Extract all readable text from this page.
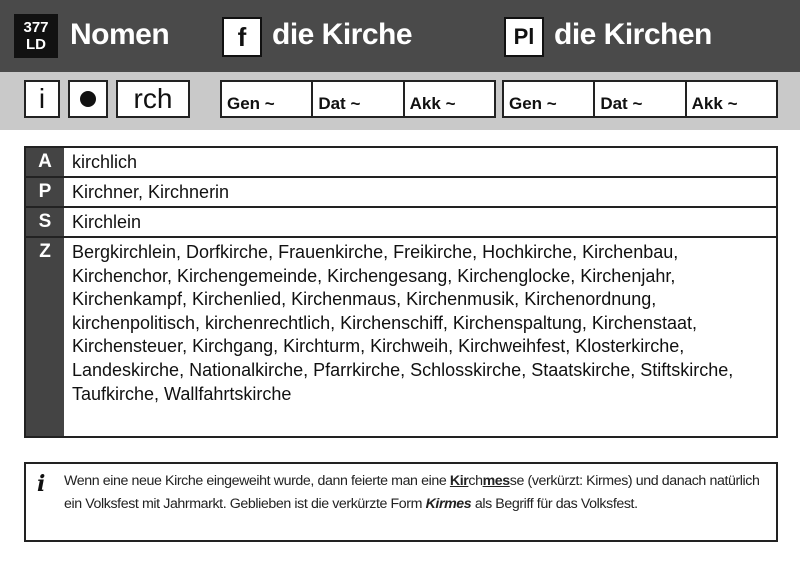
377
LD Nomen	f die Kirche	Pl die Kirchen
i	rch	Gen ~	Dat ~	Akk ~	Gen ~	Dat ~	Akk ~
A	kirchlich
P	Kirchner, Kirchnerin
S	Kirchlein
Z	Bergkirchlein, Dorfkirche, Frauenkirche, Freikirche, Hochkirche, Kirchenbau, Kirchenchor, Kirchengemeinde, Kirchengesang, Kirchenglocke, Kirchenjahr, Kirchenkampf, Kirchenlied, Kirchenmaus, Kirchenmusik, Kirchenordnung, kirchenpolitisch, kirchenrechtlich, Kirchenschiff, Kirchenspaltung, Kirchenstaat, Kirchensteuer, Kirchgang, Kirchturm, Kirchweih, Kirchweihfest, Klosterkirche, Landeskirche, Nationalkirche, Pfarrkirche, Schlosskirche, Staatskirche, Stiftskirche, Taufkirche, Wallfahrtskirche
i Wenn eine neue Kirche eingeweiht wurde, dann feierte man eine Kirchmesse (verkürzt: Kirmes) und danach natürlich ein Volksfest mit Jahrmarkt. Geblieben ist die verkürzte Form Kirmes als Begriff für das Volksfest.
